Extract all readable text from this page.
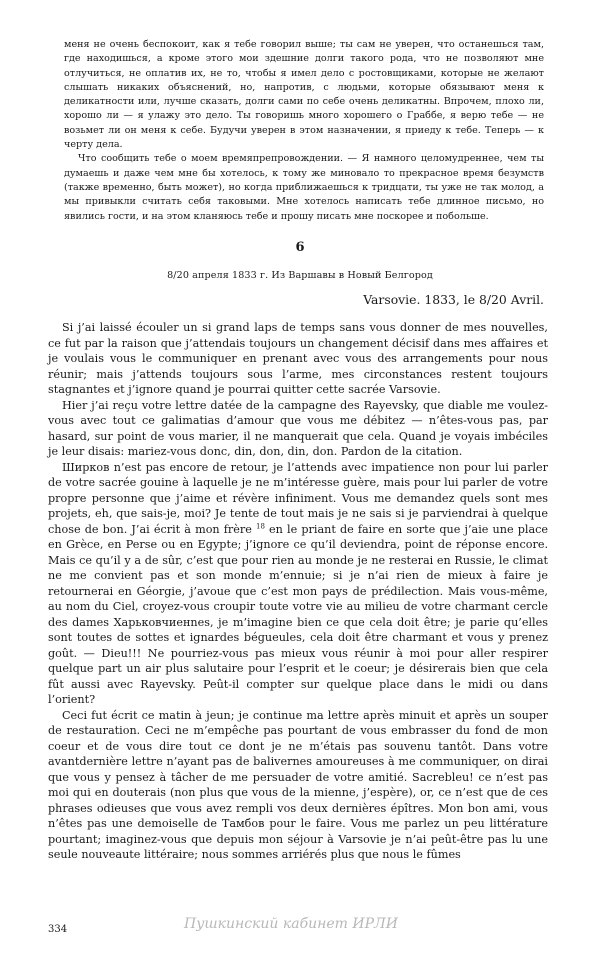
меня не очень беспокоит, как я тебе говорил выше; ты сам не уверен, что останешься там, где находишься, а кроме этого мои здешние долги такого рода, что не позволяют мне отлучиться, не оплатив их, не то, чтобы я имел дело с ростовщиками, которые не желают слышать никаких объяснений, но, напротив, с людьми, которые обязывают меня к деликатности или, лучше сказать, долги сами по себе очень деликатны. Впрочем, плохо ли, хорошо ли — я улажу это дело. Ты говоришь много хорошего о Граббе, я верю тебе — не возьмет ли он меня к себе. Будучи уверен в этом назначении, я приеду к тебе. Теперь — к черту дела.

Что сообщить тебе о моем времяпрепровождении. — Я намного целомудреннее, чем ты думаешь и даже чем мне бы хотелось, к тому же миновало то прекрасное время безумств (также временно, быть может), но когда приближаешься к тридцати, ты уже не так молод, а мы привыкли считать себя таковыми. Мне хотелось написать тебе длинное письмо, но явились гости, и на этом кланяюсь тебе и прошу писать мне поскорее и побольше.

6
8/20 апреля 1833 г. Из Варшавы в Новый Белгород
Varsovie. 1833, le 8/20 Avril.

Si j’ai laissé écouler un si grand laps de temps sans vous donner de mes nouvelles, ce fut par la raison que j’attendais toujours un changement décisif dans mes affaires et je voulais vous le communiquer en prenant avec vous des arrangements pour nous réunir; mais j’attends toujours sous l’arme, mes circonstances restent toujours stagnantes et j’ignore quand je pourrai quitter cette sacrée Varsovie.

Hier j’ai reçu votre lettre datée de la campagne des Rayevsky, que diable me voulez-vous avec tout ce galimatias d’amour que vous me débitez — n’êtes-vous pas, par hasard, sur point de vous marier, il ne manquerait que cela. Quand je voyais imbéciles je leur disais: mariez-vous donc, din, don, din, don. Pardon de la citation.

Ширков n’est pas encore de retour, je l’attends avec impatience non pour lui parler de votre sacrée gouine à laquelle je ne m’intéresse guère, mais pour lui parler de votre propre personne que j’aime et révère infiniment. Vous me demandez quels sont mes projets, eh, que sais-je, moi? Je tente de tout mais je ne sais si je parviendrai à quelque chose de bon. J’ai écrit à mon frère $^{18}$ en le priant de faire en sorte que j’aie une place en Grèce, en Perse ou en Egypte; j’ignore ce qu’il deviendra, point de réponse encore. Mais ce qu’il y a de sûr, c’est que pour rien au monde je ne resterai en Russie, le climat ne me convient pas et son monde m’ennuie; si je n’ai rien de mieux à faire je retournerai en Géorgie, j’avoue que c’est mon pays de prédilection. Mais vous-même, au nom du Ciel, croyez-vous croupir toute votre vie au milieu de votre charmant cercle des dames Харьковчиенnes, je m’imagine bien ce que cela doit être; je parie qu’elles sont toutes de sottes et ignardes bégueules, cela doit être charmant et vous y prenez goût. — Dieu!!! Ne pourriez-vous pas mieux vous réunir à moi pour aller respirer quelque part un air plus salutaire pour l’esprit et le coeur; je désirerais bien que cela fût aussi avec Rayevsky. Peût-il compter sur quelque place dans le midi ou dans l’orient?

Ceci fut écrit ce matin à jeun; je continue ma lettre après minuit et après un souper de restauration. Ceci ne m’empêche pas pourtant de vous embrasser du fond de mon coeur et de vous dire tout ce dont je ne m’étais pas souvenu tantôt. Dans votre avantdernière lettre n’ayant pas de balivernes amoureuses à me communiquer, on dirai que vous y pensez à tâcher de me persuader de votre amitié. Sacrebleu! ce n’est pas moi qui en douterais (non plus que vous de la mienne, j’espère), or, ce n’est que de ces phrases odieuses que vous avez rempli vos deux dernières épîtres. Mon bon ami, vous n’êtes pas une demoiselle de Тамбов pour le faire. Vous me parlez un peu littérature pourtant; imaginez-vous que depuis mon séjour à Varsovie je n’ai peût-être pas lu une seule nouveaute littéraire; nous sommes arriérés plus que nous le fûmes

334	Пушкинский кабинет ИРЛИ
